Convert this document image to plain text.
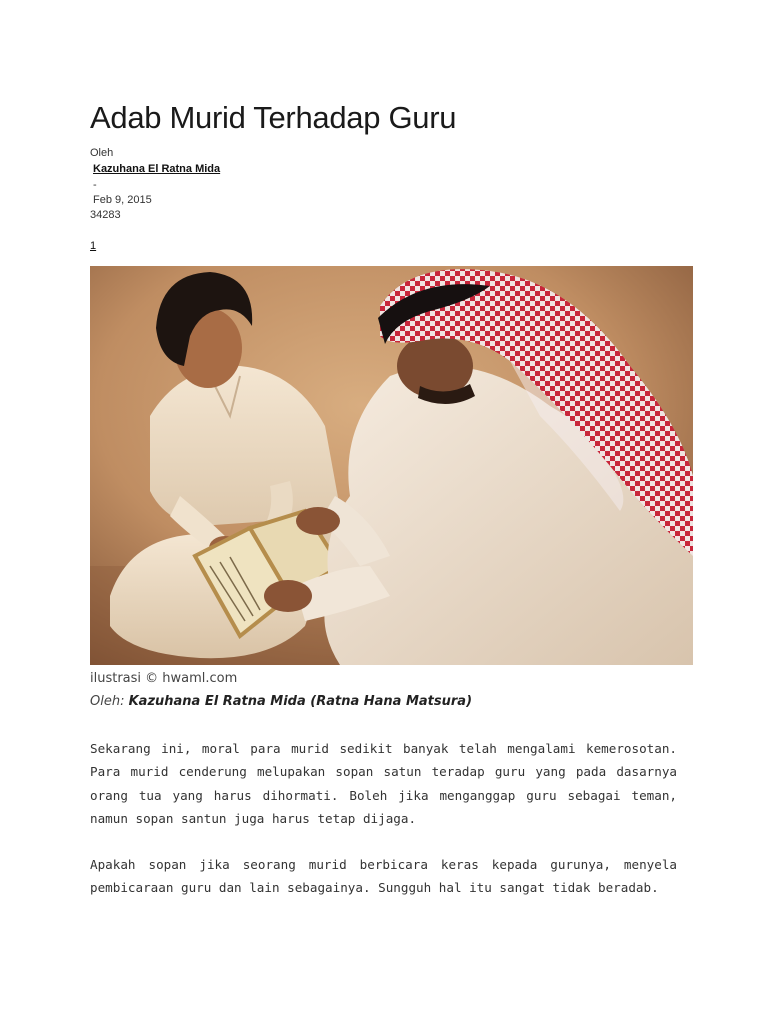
Adab Murid Terhadap Guru
Oleh
Kazuhana El Ratna Mida
-
Feb 9, 2015
34283
1
ilustrasi © hwaml.com
Oleh: Kazuhana El Ratna Mida (Ratna Hana Matsura)

Sekarang ini, moral para murid sedikit banyak telah mengalami kemerosotan. Para murid cenderung melupakan sopan satun teradap guru yang pada dasarnya orang tua yang harus dihormati. Boleh jika menganggap guru sebagai teman, namun sopan santun juga harus tetap dijaga.

Apakah sopan jika seorang murid berbicara keras kepada gurunya, menyela pembicaraan guru dan lain sebagainya. Sungguh hal itu sangat tidak beradab.
